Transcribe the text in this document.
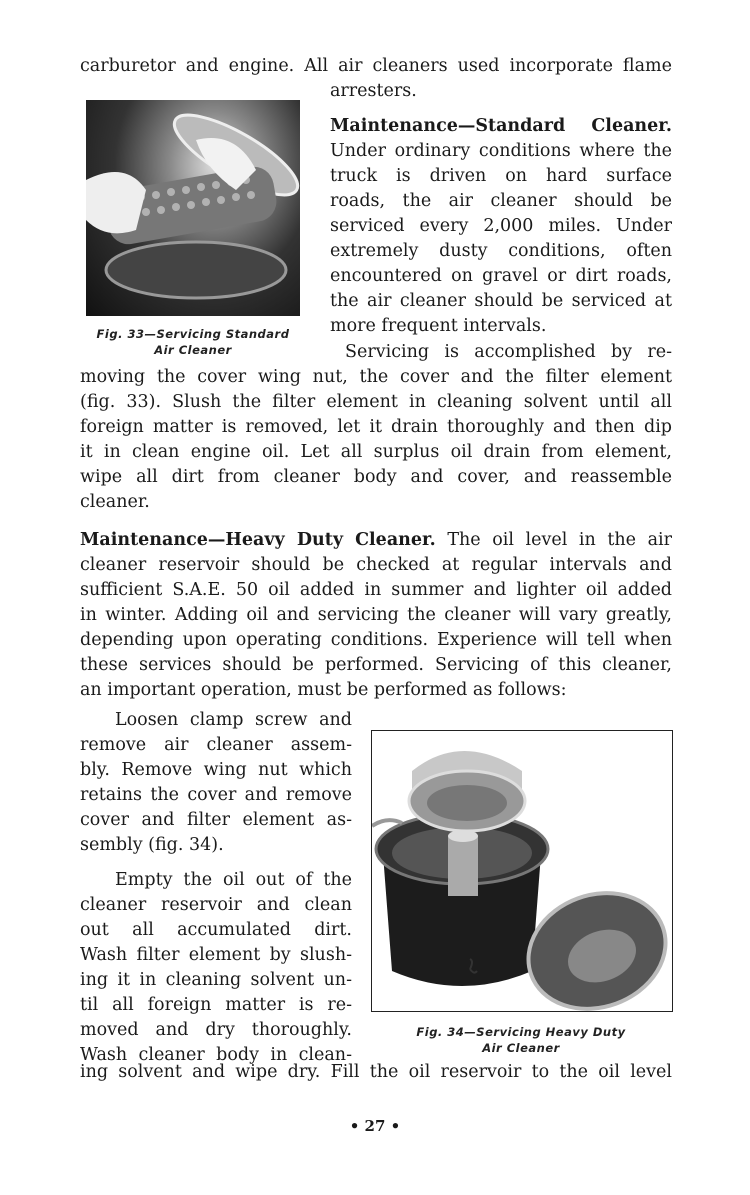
carburetor and engine. All air cleaners used incorporate flame
arresters.
Maintenance—Standard Cleaner.
Under ordinary conditions where the
truck is driven on hard surface
roads, the air cleaner should be
serviced every 2,000 miles. Under
extremely dusty conditions, often
encountered on gravel or dirt roads,
the air cleaner should be serviced at
more frequent intervals.
Servicing is accomplished by re-
moving the cover wing nut, the cover and the filter element
(fig. 33). Slush the filter element in cleaning solvent until all
foreign matter is removed, let it drain thoroughly and then dip
it in clean engine oil. Let all surplus oil drain from element,
wipe all dirt from cleaner body and cover, and reassemble
cleaner.
Maintenance—Heavy Duty Cleaner. The oil level in the air
cleaner reservoir should be checked at regular intervals and
sufficient S.A.E. 50 oil added in summer and lighter oil added
in winter. Adding oil and servicing the cleaner will vary greatly,
depending upon operating conditions. Experience will tell when
these services should be performed. Servicing of this cleaner,
an important operation, must be performed as follows:
Loosen clamp screw and
remove air cleaner assem-
bly. Remove wing nut which
retains the cover and remove
cover and filter element as-
sembly (fig. 34).
Empty the oil out of the
cleaner reservoir and clean
out all accumulated dirt.
Wash filter element by slush-
ing it in cleaning solvent un-
til all foreign matter is re-
moved and dry thoroughly.
Wash cleaner body in clean-
ing solvent and wipe dry. Fill the oil reservoir to the oil level
Fig. 33—Servicing Standard
Air Cleaner
Fig. 34—Servicing Heavy Duty
Air Cleaner
• 27 •
